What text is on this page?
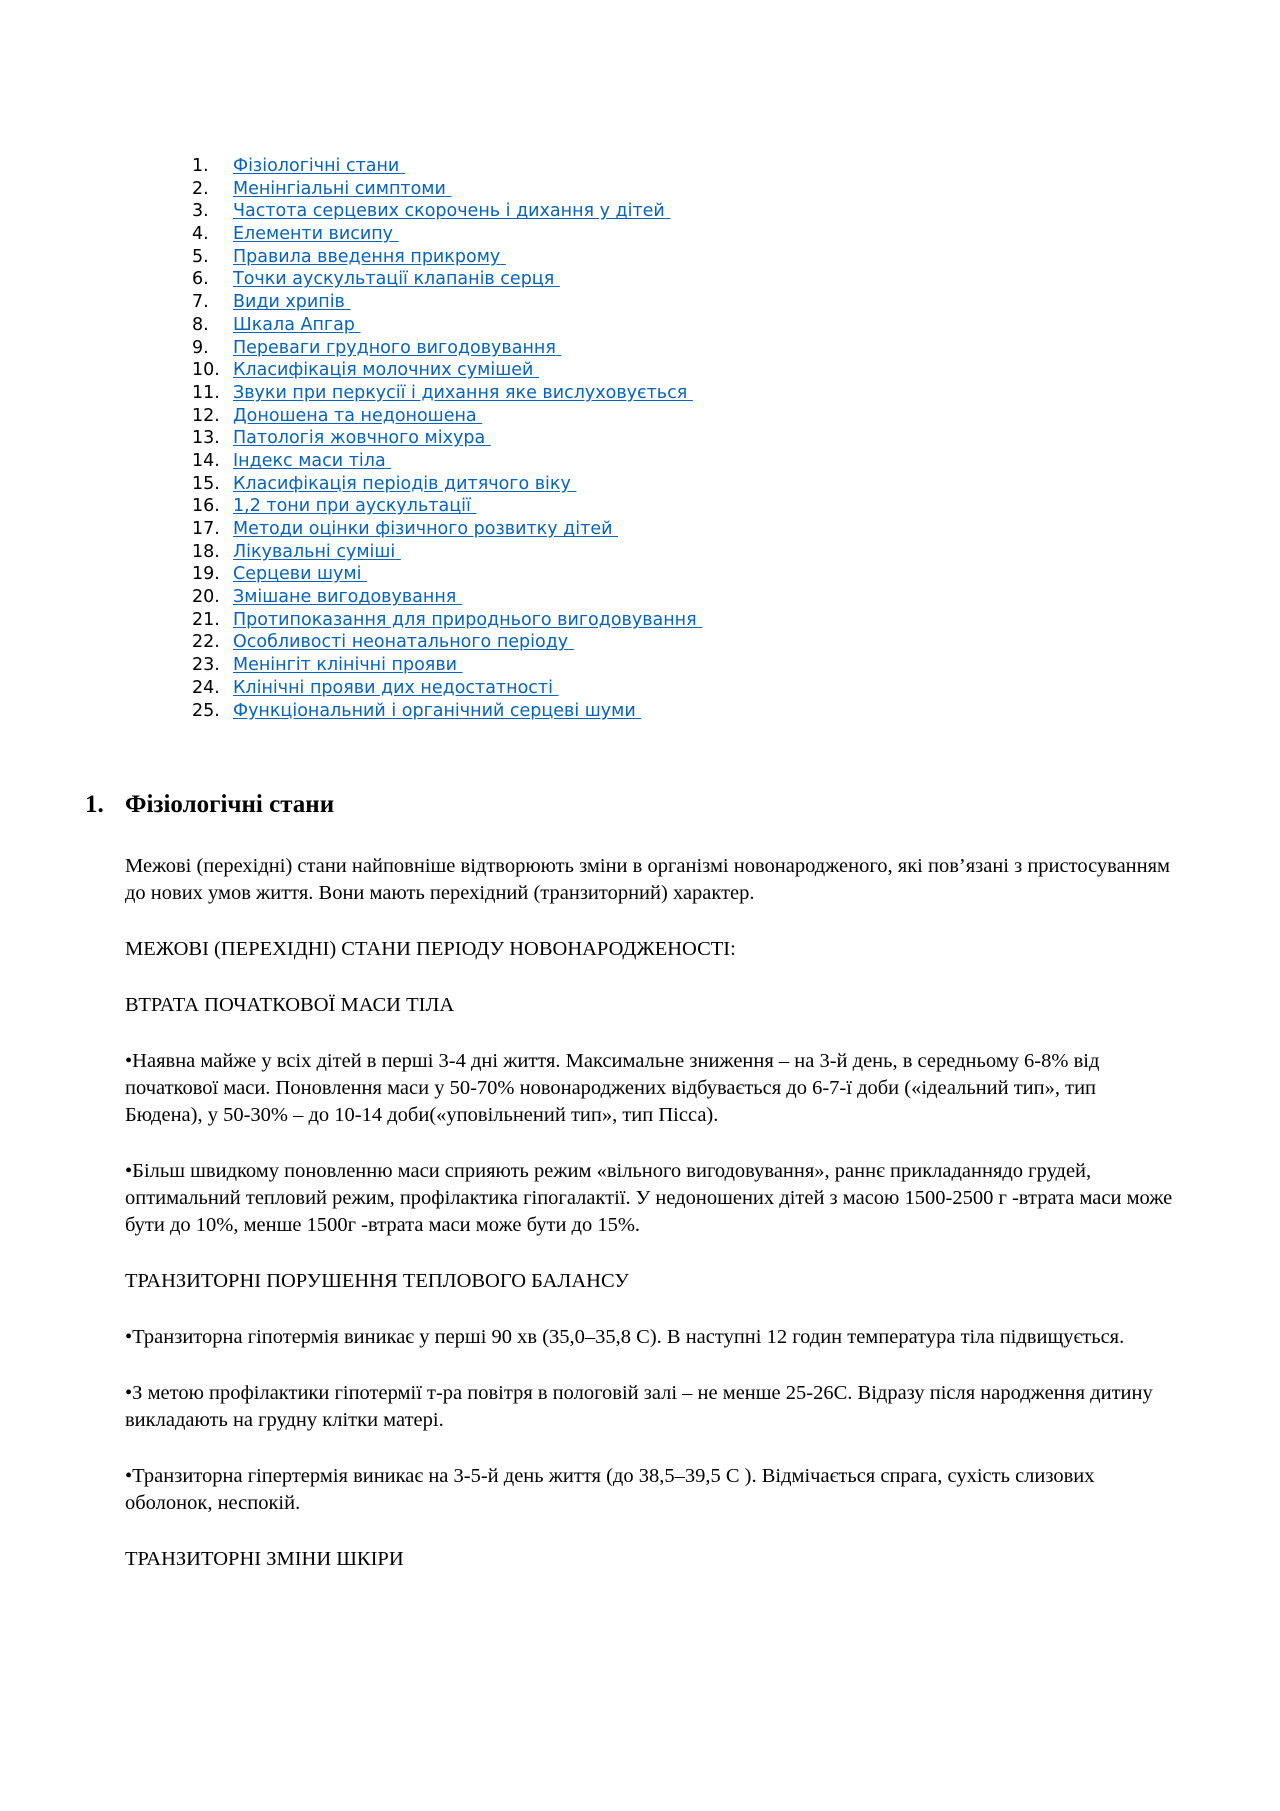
1.	Фізіологічні стани
2.	Менінгіальні симптоми
3.	Частота серцевих скорочень і дихання у дітей
4.	Елементи висипу
5.	Правила введення прикрому
6.	Точки аускультації клапанів серця
7.	Види хрипів
8.	Шкала Апгар
9.	Переваги грудного вигодовування
10. Класифікація молочних сумішей
11. Звуки при перкусії і дихання яке вислуховується
12. Доношена та недоношена
13. Патологія жовчного міхура
14. Індекс маси тіла
15. Класифікація періодів дитячого віку
16. 1,2 тони при аускультації
17. Методи оцінки фізичного розвитку дітей
18. Лікувальні суміші
19. Серцеви шумі
20. Змішане вигодовування
21. Протипоказання для природнього вигодовування
22. Особливості неонатального періоду
23. Менінгіт клінічні прояви
24. Клінічні прояви дих недостатності
25. Функціональний і органічний серцеві шуми
1. Фізіологічні стани

Межові (перехідні) стани найповніше відтворюють зміни в організмі новонародженого, які пов’язані з пристосуванням до нових умов життя. Вони мають перехідний (транзиторний) характер.

МЕЖОВІ (ПЕРЕХІДНІ) СТАНИ ПЕРІОДУ НОВОНАРОДЖЕНОСТІ:

ВТРАТА ПОЧАТКОВОЇ МАСИ ТІЛА

•Наявна майже у всіх дітей в перші 3-4 дні життя. Максимальне зниження – на 3-й день, в середньому 6-8% від початкової маси. Поновлення маси у 50-70% новонароджених відбувається до 6-7-ї доби («ідеальний тип», тип Бюдена), у 50-30% – до 10-14 доби(«уповільнений тип», тип Пісса).

•Більш швидкому поновленню маси сприяють режим «вільного вигодовування», раннє прикладаннядо грудей, оптимальний тепловий режим, профілактика гіпогалактії. У недоношених дітей з масою 1500-2500 г -втрата маси може бути до 10%, менше 1500г -втрата маси може бути до 15%.

ТРАНЗИТОРНІ ПОРУШЕННЯ ТЕПЛОВОГО БАЛАНСУ

•Транзиторна гіпотермія виникає у перші 90 хв (35,0–35,8 С). В наступні 12 годин температура тіла підвищується.

•З метою профілактики гіпотермії т-ра повітря в пологовій залі – не менше 25-26С. Відразу після народження дитину викладають на грудну клітки матері.

•Транзиторна гіпертермія виникає на 3-5-й день життя (до 38,5–39,5 С ). Відмічається спрага, сухість слизових оболонок, неспокій.

ТРАНЗИТОРНІ ЗМІНИ ШКІРИ
